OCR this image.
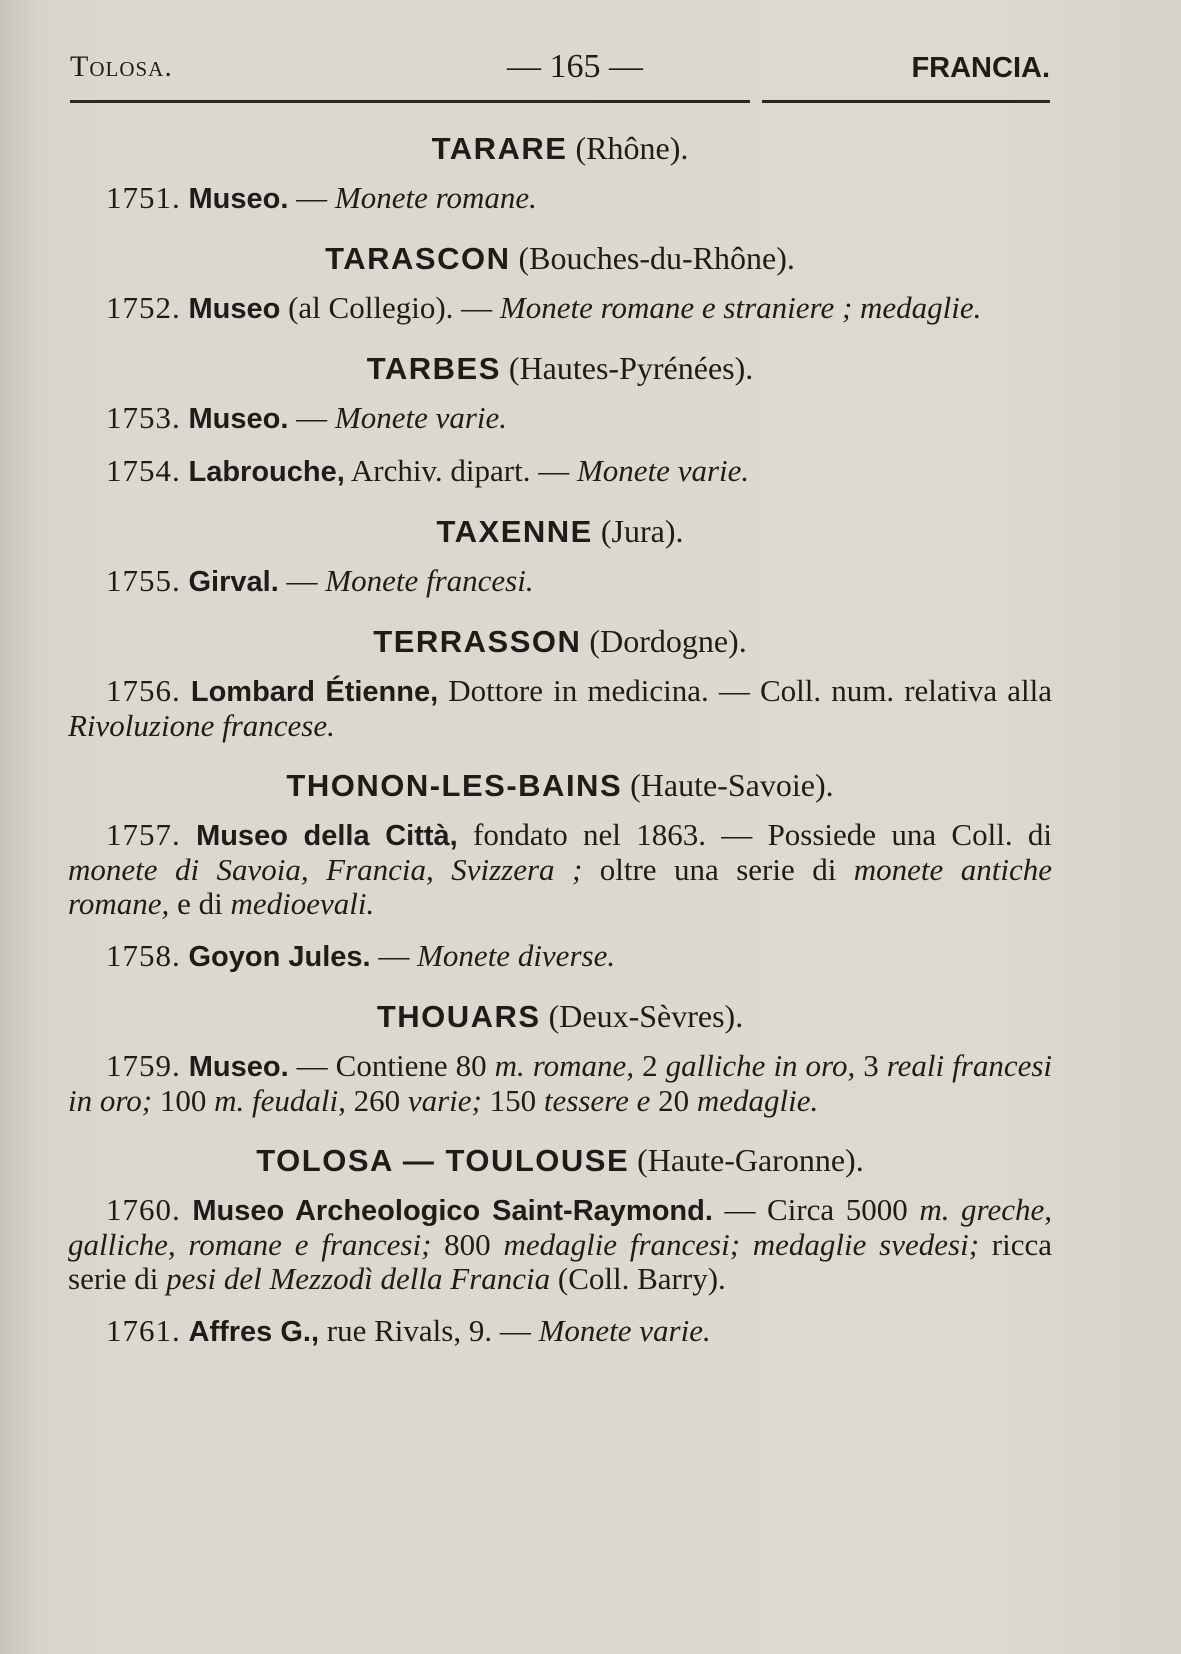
Tolosa.	— 165 —	FRANCIA.
TARARE (Rhône).

1751. Museo. — Monete romane.

TARASCON (Bouches-du-Rhône).

1752. Museo (al Collegio). — Monete romane e straniere ; medaglie.

TARBES (Hautes-Pyrénées).

1753. Museo. — Monete varie.

1754. Labrouche, Archiv. dipart. — Monete varie.

TAXENNE (Jura).

1755. Girval. — Monete francesi.

TERRASSON (Dordogne).

1756. Lombard Étienne, Dottore in medicina. — Coll. num. relativa alla Rivoluzione francese.

THONON-LES-BAINS (Haute-Savoie).

1757. Museo della Città, fondato nel 1863. — Possiede una Coll. di monete di Savoia, Francia, Svizzera ; oltre una serie di monete antiche romane, e di medioevali.

1758. Goyon Jules. — Monete diverse.

THOUARS (Deux-Sèvres).

1759. Museo. — Contiene 80 m. romane, 2 galliche in oro, 3 reali francesi in oro; 100 m. feudali, 260 varie; 150 tessere e 20 medaglie.

TOLOSA — TOULOUSE (Haute-Garonne).

1760. Museo Archeologico Saint-Raymond. — Circa 5000 m. greche, galliche, romane e francesi; 800 medaglie francesi; medaglie svedesi; ricca serie di pesi del Mezzodì della Francia (Coll. Barry).

1761. Affres G., rue Rivals, 9. — Monete varie.
